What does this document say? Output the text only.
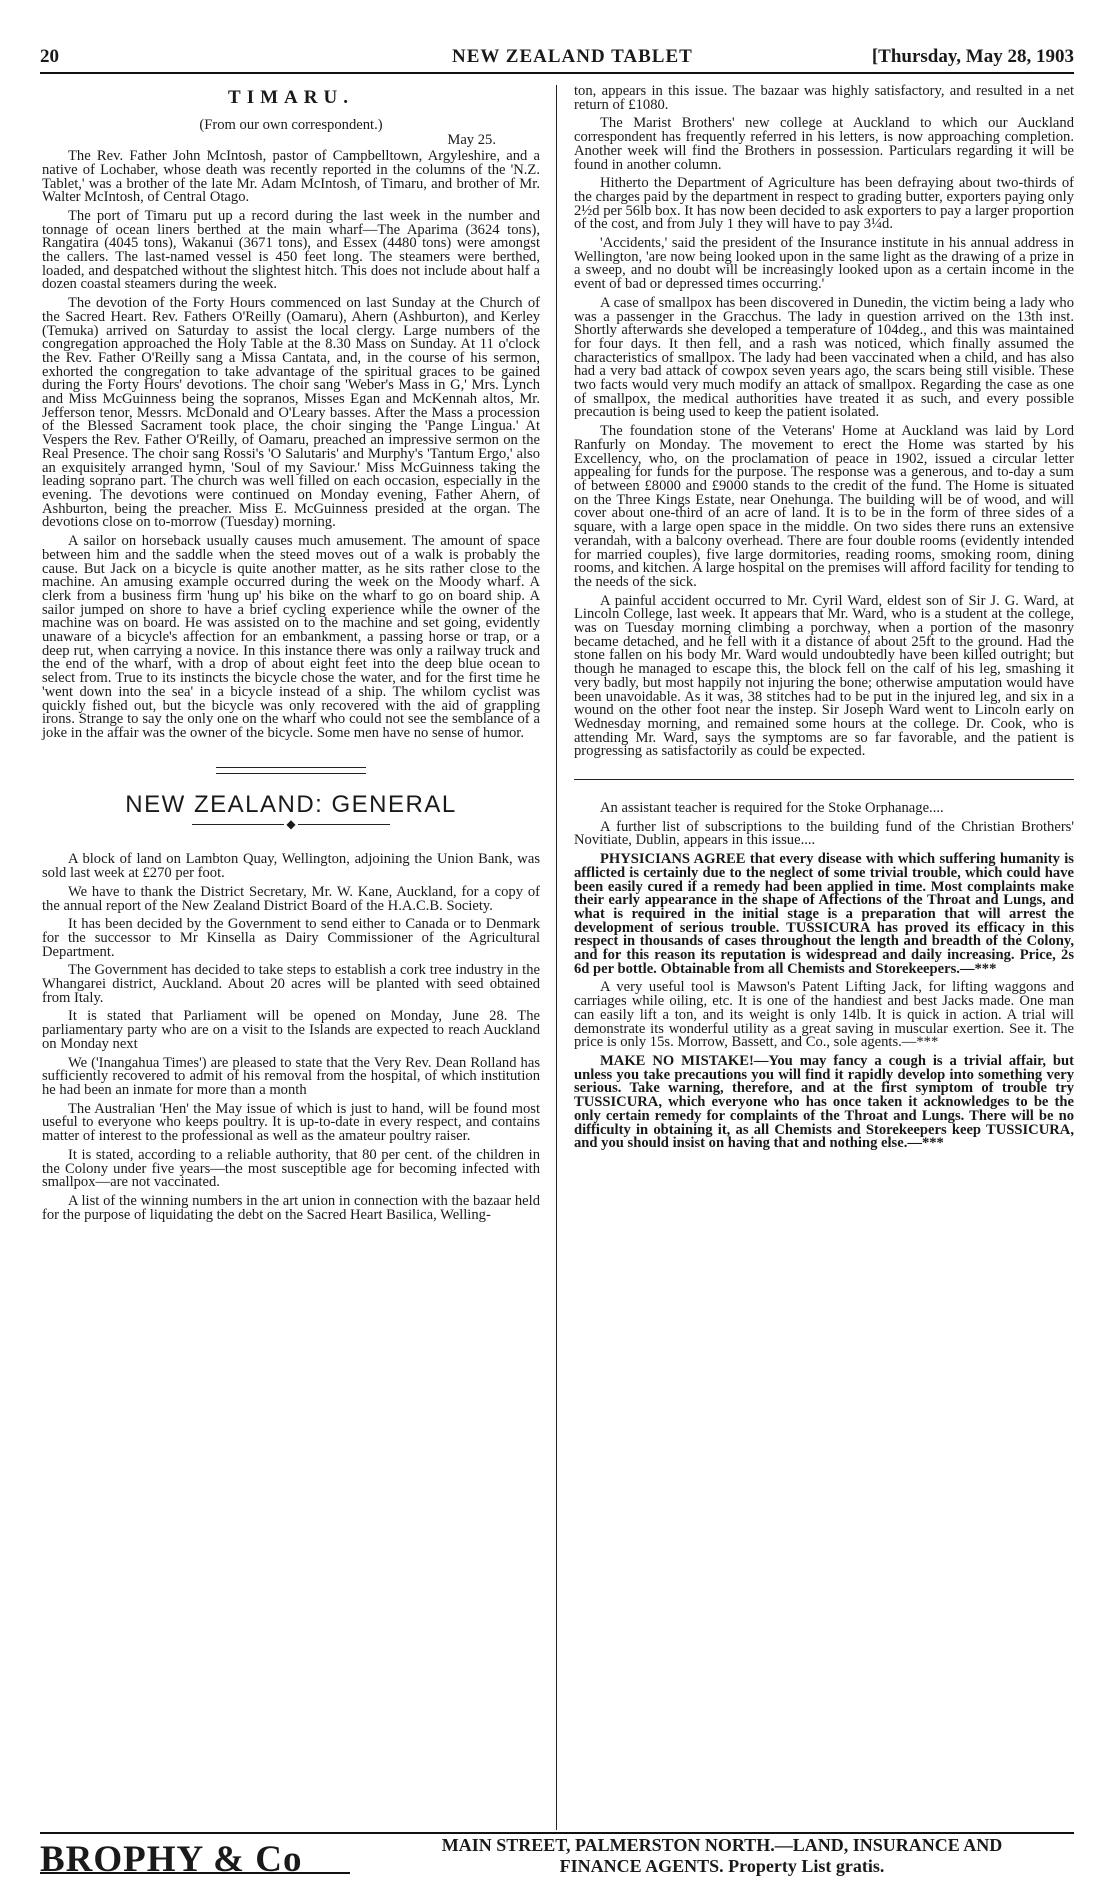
20	NEW ZEALAND TABLET	[Thursday, May 28, 1903
TIMARU.
(From our own correspondent.)
May 25.

The Rev. Father John McIntosh, pastor of Campbelltown, Argyleshire, and a native of Lochaber, whose death was recently reported in the columns of the 'N.Z. Tablet,' was a brother of the late Mr. Adam McIntosh, of Timaru, and brother of Mr. Walter McIntosh, of Central Otago.

The port of Timaru put up a record during the last week in the number and tonnage of ocean liners berthed at the main wharf—The Aparima (3624 tons), Rangatira (4045 tons), Wakanui (3671 tons), and Essex (4480 tons) were amongst the callers. The last-named vessel is 450 feet long. The steamers were berthed, loaded, and despatched without the slightest hitch. This does not include about half a dozen coastal steamers during the week.

The devotion of the Forty Hours commenced on last Sunday at the Church of the Sacred Heart. Rev. Fathers O'Reilly (Oamaru), Ahern (Ashburton), and Kerley (Temuka) arrived on Saturday to assist the local clergy. Large numbers of the congregation approached the Holy Table at the 8.30 Mass on Sunday. At 11 o'clock the Rev. Father O'Reilly sang a Missa Cantata, and, in the course of his sermon, exhorted the congregation to take advantage of the spiritual graces to be gained during the Forty Hours' devotions. The choir sang 'Weber's Mass in G,' Mrs. Lynch and Miss McGuinness being the sopranos, Misses Egan and McKennah altos, Mr. Jefferson tenor, Messrs. McDonald and O'Leary basses. After the Mass a procession of the Blessed Sacrament took place, the choir singing the 'Pange Lingua.' At Vespers the Rev. Father O'Reilly, of Oamaru, preached an impressive sermon on the Real Presence. The choir sang Rossi's 'O Salutaris' and Murphy's 'Tantum Ergo,' also an exquisitely arranged hymn, 'Soul of my Saviour.' Miss McGuinness taking the leading soprano part. The church was well filled on each occasion, especially in the evening. The devotions were continued on Monday evening, Father Ahern, of Ashburton, being the preacher. Miss E. McGuinness presided at the organ. The devotions close on to-morrow (Tuesday) morning.

A sailor on horseback usually causes much amusement. The amount of space between him and the saddle when the steed moves out of a walk is probably the cause. But Jack on a bicycle is quite another matter, as he sits rather close to the machine. An amusing example occurred during the week on the Moody wharf. A clerk from a business firm 'hung up' his bike on the wharf to go on board ship. A sailor jumped on shore to have a brief cycling experience while the owner of the machine was on board. He was assisted on to the machine and set going, evidently unaware of a bicycle's affection for an embankment, a passing horse or trap, or a deep rut, when carrying a novice. In this instance there was only a railway truck and the end of the wharf, with a drop of about eight feet into the deep blue ocean to select from. True to its instincts the bicycle chose the water, and for the first time he 'went down into the sea' in a bicycle instead of a ship. The whilom cyclist was quickly fished out, but the bicycle was only recovered with the aid of grappling irons. Strange to say the only one on the wharf who could not see the semblance of a joke in the affair was the owner of the bicycle. Some men have no sense of humor.

NEW ZEALAND: GENERAL
◆

A block of land on Lambton Quay, Wellington, adjoining the Union Bank, was sold last week at £270 per foot.

We have to thank the District Secretary, Mr. W. Kane, Auckland, for a copy of the annual report of the New Zealand District Board of the H.A.C.B. Society.

It has been decided by the Government to send either to Canada or to Denmark for the successor to Mr Kinsella as Dairy Commissioner of the Agricultural Department.

The Government has decided to take steps to establish a cork tree industry in the Whangarei district, Auckland. About 20 acres will be planted with seed obtained from Italy.

It is stated that Parliament will be opened on Monday, June 28. The parliamentary party who are on a visit to the Islands are expected to reach Auckland on Monday next

We ('Inangahua Times') are pleased to state that the Very Rev. Dean Rolland has sufficiently recovered to admit of his removal from the hospital, of which institution he had been an inmate for more than a month

The Australian 'Hen' the May issue of which is just to hand, will be found most useful to everyone who keeps poultry. It is up-to-date in every respect, and contains matter of interest to the professional as well as the amateur poultry raiser.

It is stated, according to a reliable authority, that 80 per cent. of the children in the Colony under five years—the most susceptible age for becoming infected with smallpox—are not vaccinated.

A list of the winning numbers in the art union in connection with the bazaar held for the purpose of liquidating the debt on the Sacred Heart Basilica, Welling-

ton, appears in this issue. The bazaar was highly satisfactory, and resulted in a net return of £1080.

The Marist Brothers' new college at Auckland to which our Auckland correspondent has frequently referred in his letters, is now approaching completion. Another week will find the Brothers in possession. Particulars regarding it will be found in another column.

Hitherto the Department of Agriculture has been defraying about two-thirds of the charges paid by the department in respect to grading butter, exporters paying only 2½d per 56lb box. It has now been decided to ask exporters to pay a larger proportion of the cost, and from July 1 they will have to pay 3¼d.

'Accidents,' said the president of the Insurance institute in his annual address in Wellington, 'are now being looked upon in the same light as the drawing of a prize in a sweep, and no doubt will be increasingly looked upon as a certain income in the event of bad or depressed times occurring.'

A case of smallpox has been discovered in Dunedin, the victim being a lady who was a passenger in the Gracchus. The lady in question arrived on the 13th inst. Shortly afterwards she developed a temperature of 104deg., and this was maintained for four days. It then fell, and a rash was noticed, which finally assumed the characteristics of smallpox. The lady had been vaccinated when a child, and has also had a very bad attack of cowpox seven years ago, the scars being still visible. These two facts would very much modify an attack of smallpox. Regarding the case as one of smallpox, the medical authorities have treated it as such, and every possible precaution is being used to keep the patient isolated.

The foundation stone of the Veterans' Home at Auckland was laid by Lord Ranfurly on Monday. The movement to erect the Home was started by his Excellency, who, on the proclamation of peace in 1902, issued a circular letter appealing for funds for the purpose. The response was a generous, and to-day a sum of between £8000 and £9000 stands to the credit of the fund. The Home is situated on the Three Kings Estate, near Onehunga. The building will be of wood, and will cover about one-third of an acre of land. It is to be in the form of three sides of a square, with a large open space in the middle. On two sides there runs an extensive verandah, with a balcony overhead. There are four double rooms (evidently intended for married couples), five large dormitories, reading rooms, smoking room, dining rooms, and kitchen. A large hospital on the premises will afford facility for tending to the needs of the sick.

A painful accident occurred to Mr. Cyril Ward, eldest son of Sir J. G. Ward, at Lincoln College, last week. It appears that Mr. Ward, who is a student at the college, was on Tuesday morning climbing a porchway, when a portion of the masonry became detached, and he fell with it a distance of about 25ft to the ground. Had the stone fallen on his body Mr. Ward would undoubtedly have been killed outright; but though he managed to escape this, the block fell on the calf of his leg, smashing it very badly, but most happily not injuring the bone; otherwise amputation would have been unavoidable. As it was, 38 stitches had to be put in the injured leg, and six in a wound on the other foot near the instep. Sir Joseph Ward went to Lincoln early on Wednesday morning, and remained some hours at the college. Dr. Cook, who is attending Mr. Ward, says the symptoms are so far favorable, and the patient is progressing as satisfactorily as could be expected.

An assistant teacher is required for the Stoke Orphanage....

A further list of subscriptions to the building fund of the Christian Brothers' Novitiate, Dublin, appears in this issue....

PHYSICIANS AGREE that every disease with which suffering humanity is afflicted is certainly due to the neglect of some trivial trouble, which could have been easily cured if a remedy had been applied in time. Most complaints make their early appearance in the shape of Affections of the Throat and Lungs, and what is required in the initial stage is a preparation that will arrest the development of serious trouble. TUSSICURA has proved its efficacy in this respect in thousands of cases throughout the length and breadth of the Colony, and for this reason its reputation is widespread and daily increasing. Price, 2s 6d per bottle. Obtainable from all Chemists and Storekeepers.—***

A very useful tool is Mawson's Patent Lifting Jack, for lifting waggons and carriages while oiling, etc. It is one of the handiest and best Jacks made. One man can easily lift a ton, and its weight is only 14lb. It is quick in action. A trial will demonstrate its wonderful utility as a great saving in muscular exertion. See it. The price is only 15s. Morrow, Bassett, and Co., sole agents.—***

MAKE NO MISTAKE!—You may fancy a cough is a trivial affair, but unless you take precautions you will find it rapidly develop into something very serious. Take warning, therefore, and at the first symptom of trouble try TUSSICURA, which everyone who has once taken it acknowledges to be the only certain remedy for complaints of the Throat and Lungs. There will be no difficulty in obtaining it, as all Chemists and Storekeepers keep TUSSICURA, and you should insist on having that and nothing else.—***

BROPHY & Co	MAIN STREET, PALMERSTON NORTH.—LAND, INSURANCE AND
FINANCE AGENTS. Property List gratis.
